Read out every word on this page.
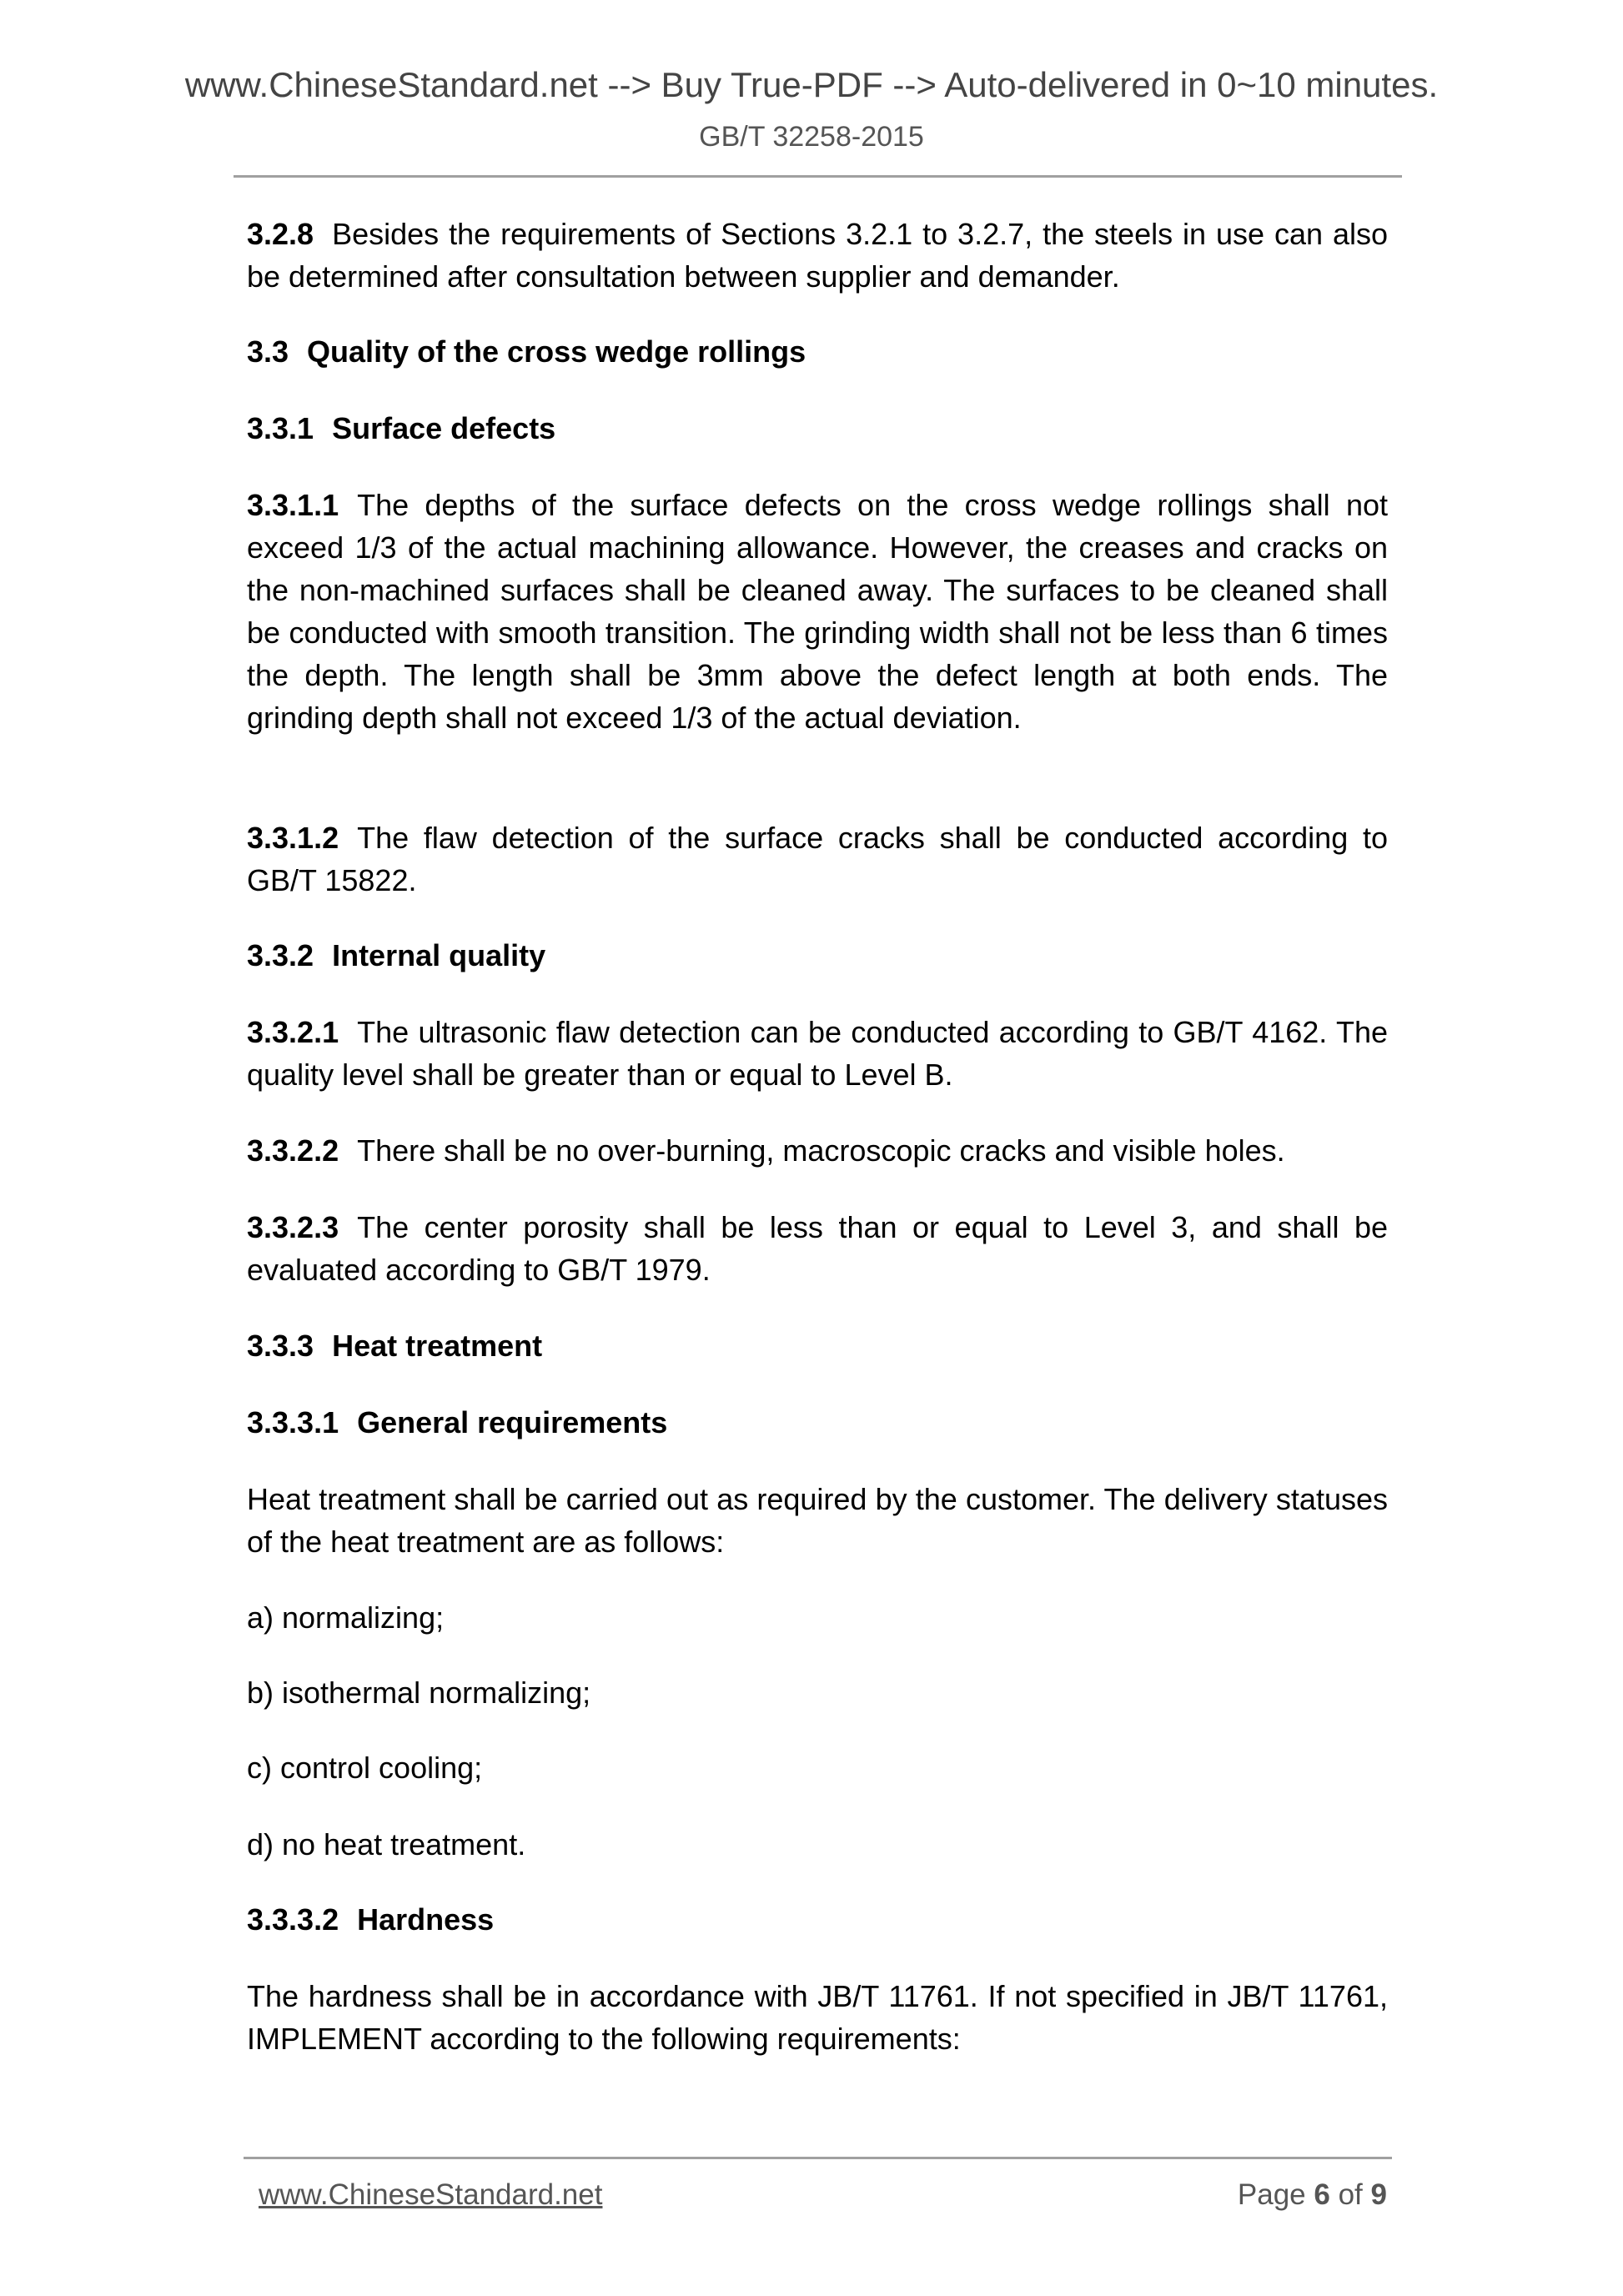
www.ChineseStandard.net --> Buy True-PDF --> Auto-delivered in 0~10 minutes.
GB/T 32258-2015
3.2.8 Besides the requirements of Sections 3.2.1 to 3.2.7, the steels in use can also be determined after consultation between supplier and demander.
3.3 Quality of the cross wedge rollings
3.3.1 Surface defects
3.3.1.1 The depths of the surface defects on the cross wedge rollings shall not exceed 1/3 of the actual machining allowance. However, the creases and cracks on the non-machined surfaces shall be cleaned away. The surfaces to be cleaned shall be conducted with smooth transition. The grinding width shall not be less than 6 times the depth. The length shall be 3mm above the defect length at both ends. The grinding depth shall not exceed 1/3 of the actual deviation.
3.3.1.2 The flaw detection of the surface cracks shall be conducted according to GB/T 15822.
3.3.2 Internal quality
3.3.2.1 The ultrasonic flaw detection can be conducted according to GB/T 4162. The quality level shall be greater than or equal to Level B.
3.3.2.2 There shall be no over-burning, macroscopic cracks and visible holes.
3.3.2.3 The center porosity shall be less than or equal to Level 3, and shall be evaluated according to GB/T 1979.
3.3.3 Heat treatment
3.3.3.1 General requirements
Heat treatment shall be carried out as required by the customer. The delivery statuses of the heat treatment are as follows:
a) normalizing;
b) isothermal normalizing;
c) control cooling;
d) no heat treatment.
3.3.3.2 Hardness
The hardness shall be in accordance with JB/T 11761. If not specified in JB/T 11761, IMPLEMENT according to the following requirements:
www.ChineseStandard.net	Page 6 of 9
